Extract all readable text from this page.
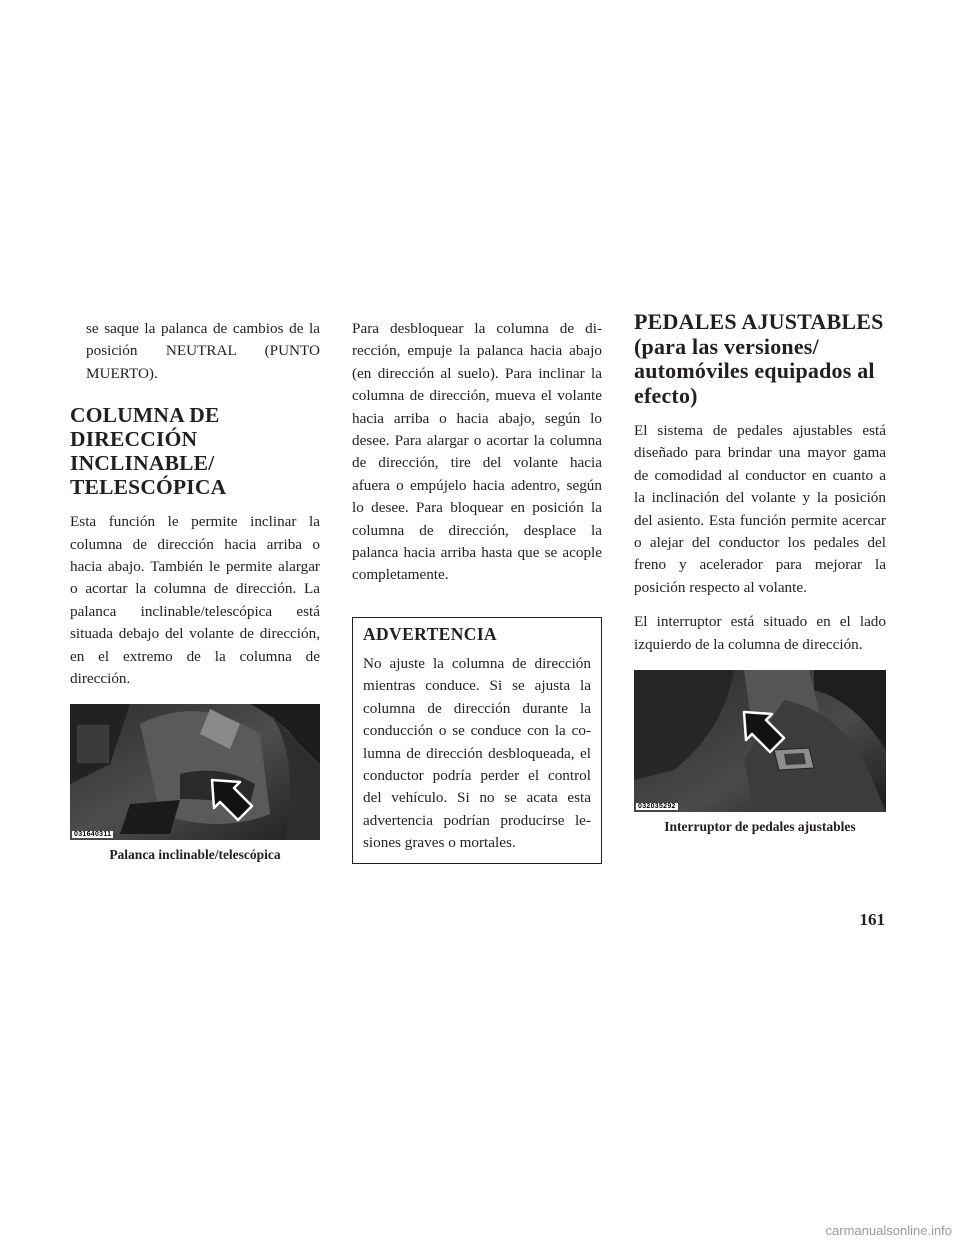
se saque la palanca de cambios de la posición NEUTRAL (PUNTO MUERTO).

COLUMNA DE DIRECCIÓN INCLINABLE/ TELESCÓPICA

Esta función le permite inclinar la columna de dirección hacia arriba o hacia abajo. También le permite alargar o acortar la columna de dirección. La palanca inclinable/telescópica está situada debajo del volante de dirección, en el extremo de la columna de dirección.

031640311
Palanca inclinable/telescópica

Para desbloquear la columna de dirección, empuje la palanca hacia abajo (en dirección al suelo). Para inclinar la columna de dirección, mueva el volante hacia arriba o hacia abajo, según lo desee. Para alargar o acortar la columna de dirección, tire del volante hacia afuera o empújelo hacia adentro, según lo desee. Para bloquear en posición la columna de dirección, desplace la palanca hacia arriba hasta que se acople completamente.

ADVERTENCIA

No ajuste la columna de dirección mientras conduce. Si se ajusta la columna de dirección durante la conducción o se conduce con la columna de dirección desbloqueada, el conductor podría perder el control del vehículo. Si no se acata esta advertencia podrían producirse lesiones graves o mortales.

PEDALES AJUSTABLES (para las versiones/ automóviles equipados al efecto)

El sistema de pedales ajustables está diseñado para brindar una mayor gama de comodidad al conductor en cuanto a la inclinación del volante y la posición del asiento. Esta función permite acercar o alejar del conductor los pedales del freno y acelerador para mejorar la posición respecto al volante.

El interruptor está situado en el lado izquierdo de la columna de dirección.

032035292
Interruptor de pedales ajustables
161
carmanualsonline.info
